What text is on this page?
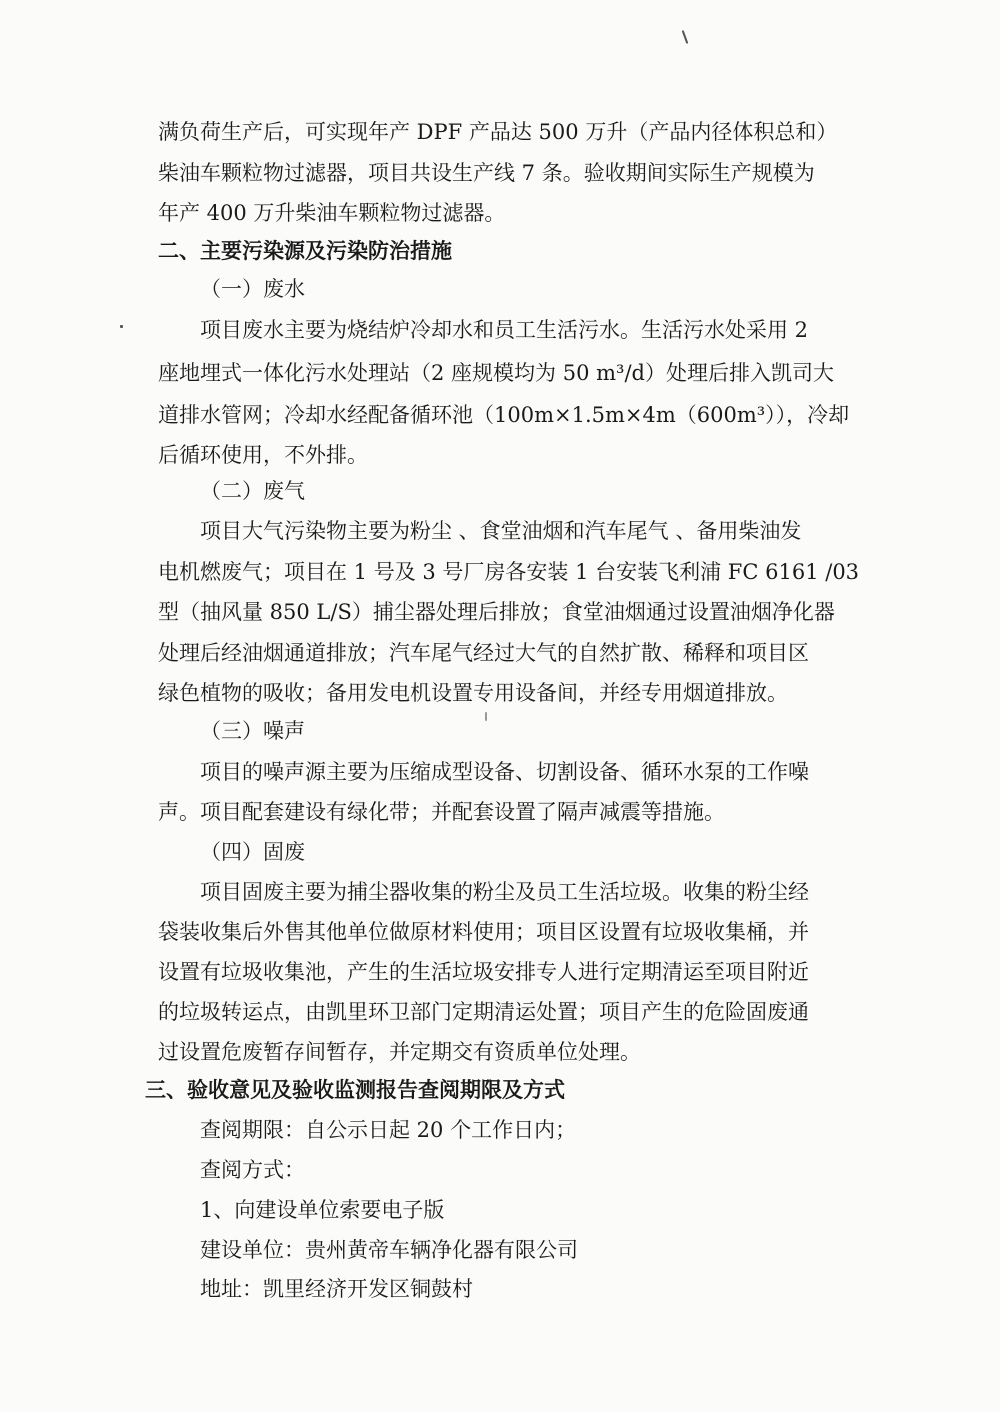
满负荷生产后，可实现年产 DPF 产品达 500 万升（产品内径体积总和）
柴油车颗粒物过滤器，项目共设生产线 7 条。验收期间实际生产规模为
年产 400 万升柴油车颗粒物过滤器。
二、主要污染源及污染防治措施
（一）废水
项目废水主要为烧结炉冷却水和员工生活污水。生活污水处采用 2
座地埋式一体化污水处理站（2 座规模均为 50 m³/d）处理后排入凯司大
道排水管网；冷却水经配备循环池（100m×1.5m×4m（600m³）），冷却
后循环使用，不外排。
（二）废气
项目大气污染物主要为粉尘 、食堂油烟和汽车尾气 、备用柴油发
电机燃废气；项目在 1 号及 3 号厂房各安装 1 台安装飞利浦 FC 6161 /03
型（抽风量 850 L/S）捕尘器处理后排放；食堂油烟通过设置油烟净化器
处理后经油烟通道排放；汽车尾气经过大气的自然扩散、稀释和项目区
绿色植物的吸收；备用发电机设置专用设备间，并经专用烟道排放。
（三）噪声
项目的噪声源主要为压缩成型设备、切割设备、循环水泵的工作噪
声。项目配套建设有绿化带；并配套设置了隔声减震等措施。
（四）固废
项目固废主要为捕尘器收集的粉尘及员工生活垃圾。收集的粉尘经
袋装收集后外售其他单位做原材料使用；项目区设置有垃圾收集桶，并
设置有垃圾收集池，产生的生活垃圾安排专人进行定期清运至项目附近
的垃圾转运点，由凯里环卫部门定期清运处置；项目产生的危险固废通
过设置危废暂存间暂存，并定期交有资质单位处理。
三、验收意见及验收监测报告查阅期限及方式
查阅期限：自公示日起 20 个工作日内；
查阅方式：
1、向建设单位索要电子版
建设单位：贵州黄帝车辆净化器有限公司
地址：凯里经济开发区铜鼓村
